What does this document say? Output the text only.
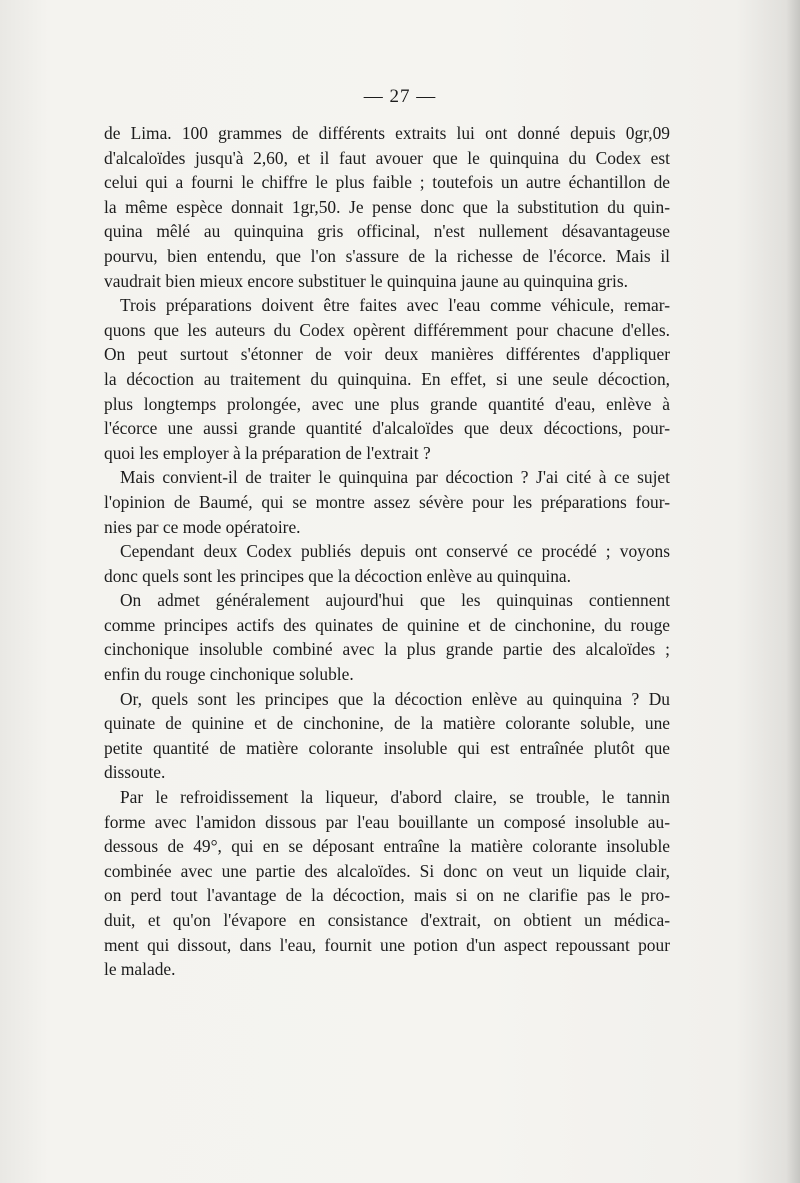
— 27 —
de Lima. 100 grammes de différents extraits lui ont donné depuis 0gr,09
d'alcaloïdes jusqu'à 2,60, et il faut avouer que le quinquina du Codex est
celui qui a fourni le chiffre le plus faible ; toutefois un autre échantillon de
la même espèce donnait 1gr,50. Je pense donc que la substitution du quin-
quina mêlé au quinquina gris officinal, n'est nullement désavantageuse
pourvu, bien entendu, que l'on s'assure de la richesse de l'écorce. Mais il
vaudrait bien mieux encore substituer le quinquina jaune au quinquina gris.
Trois préparations doivent être faites avec l'eau comme véhicule, remar-
quons que les auteurs du Codex opèrent différemment pour chacune d'elles.
On peut surtout s'étonner de voir deux manières différentes d'appliquer
la décoction au traitement du quinquina. En effet, si une seule décoction,
plus longtemps prolongée, avec une plus grande quantité d'eau, enlève à
l'écorce une aussi grande quantité d'alcaloïdes que deux décoctions, pour-
quoi les employer à la préparation de l'extrait ?
Mais convient-il de traiter le quinquina par décoction ? J'ai cité à ce sujet
l'opinion de Baumé, qui se montre assez sévère pour les préparations four-
nies par ce mode opératoire.
Cependant deux Codex publiés depuis ont conservé ce procédé ; voyons
donc quels sont les principes que la décoction enlève au quinquina.
On admet généralement aujourd'hui que les quinquinas contiennent
comme principes actifs des quinates de quinine et de cinchonine, du rouge
cinchonique insoluble combiné avec la plus grande partie des alcaloïdes ;
enfin du rouge cinchonique soluble.
Or, quels sont les principes que la décoction enlève au quinquina ? Du
quinate de quinine et de cinchonine, de la matière colorante soluble, une
petite quantité de matière colorante insoluble qui est entraînée plutôt que
dissoute.
Par le refroidissement la liqueur, d'abord claire, se trouble, le tannin
forme avec l'amidon dissous par l'eau bouillante un composé insoluble au-
dessous de 49°, qui en se déposant entraîne la matière colorante insoluble
combinée avec une partie des alcaloïdes. Si donc on veut un liquide clair,
on perd tout l'avantage de la décoction, mais si on ne clarifie pas le pro-
duit, et qu'on l'évapore en consistance d'extrait, on obtient un médica-
ment qui dissout, dans l'eau, fournit une potion d'un aspect repoussant pour
le malade.
